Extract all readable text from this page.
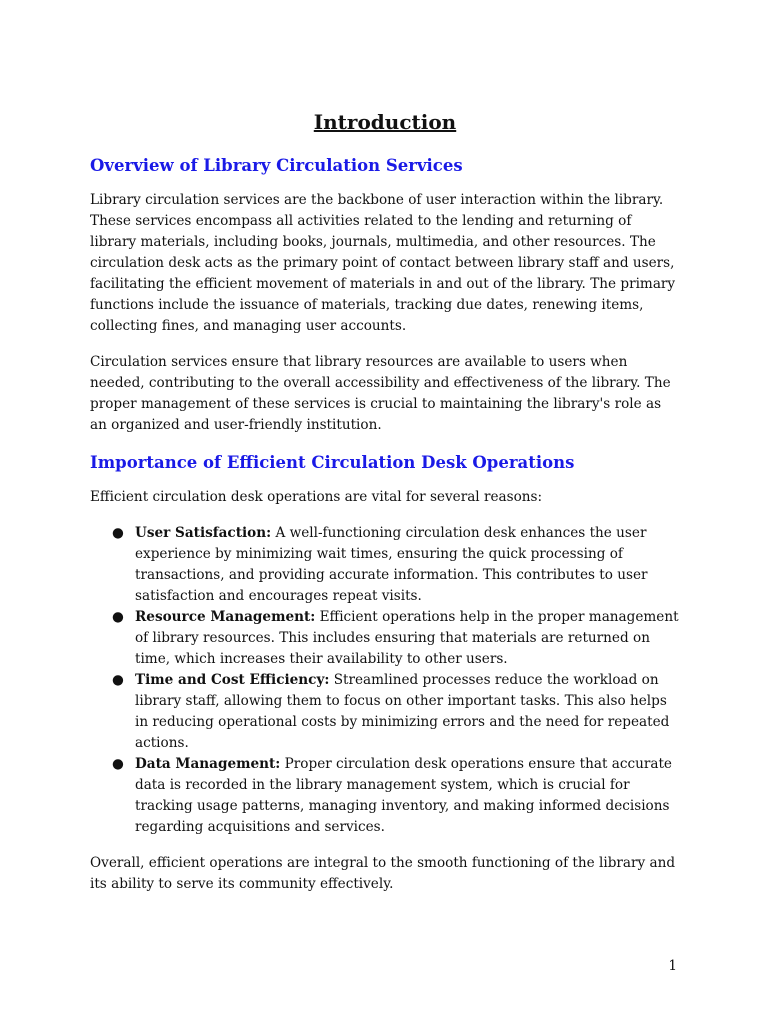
Introduction
Overview of Library Circulation Services

Library circulation services are the backbone of user interaction within the library. These services encompass all activities related to the lending and returning of library materials, including books, journals, multimedia, and other resources. The circulation desk acts as the primary point of contact between library staff and users, facilitating the efficient movement of materials in and out of the library. The primary functions include the issuance of materials, tracking due dates, renewing items, collecting fines, and managing user accounts.

Circulation services ensure that library resources are available to users when needed, contributing to the overall accessibility and effectiveness of the library. The proper management of these services is crucial to maintaining the library's role as an organized and user-friendly institution.

Importance of Efficient Circulation Desk Operations

Efficient circulation desk operations are vital for several reasons:

● User Satisfaction: A well-functioning circulation desk enhances the user experience by minimizing wait times, ensuring the quick processing of transactions, and providing accurate information. This contributes to user satisfaction and encourages repeat visits.
● Resource Management: Efficient operations help in the proper management of library resources. This includes ensuring that materials are returned on time, which increases their availability to other users.
● Time and Cost Efficiency: Streamlined processes reduce the workload on library staff, allowing them to focus on other important tasks. This also helps in reducing operational costs by minimizing errors and the need for repeated actions.
● Data Management: Proper circulation desk operations ensure that accurate data is recorded in the library management system, which is crucial for tracking usage patterns, managing inventory, and making informed decisions regarding acquisitions and services.

Overall, efficient operations are integral to the smooth functioning of the library and its ability to serve its community effectively.

1
